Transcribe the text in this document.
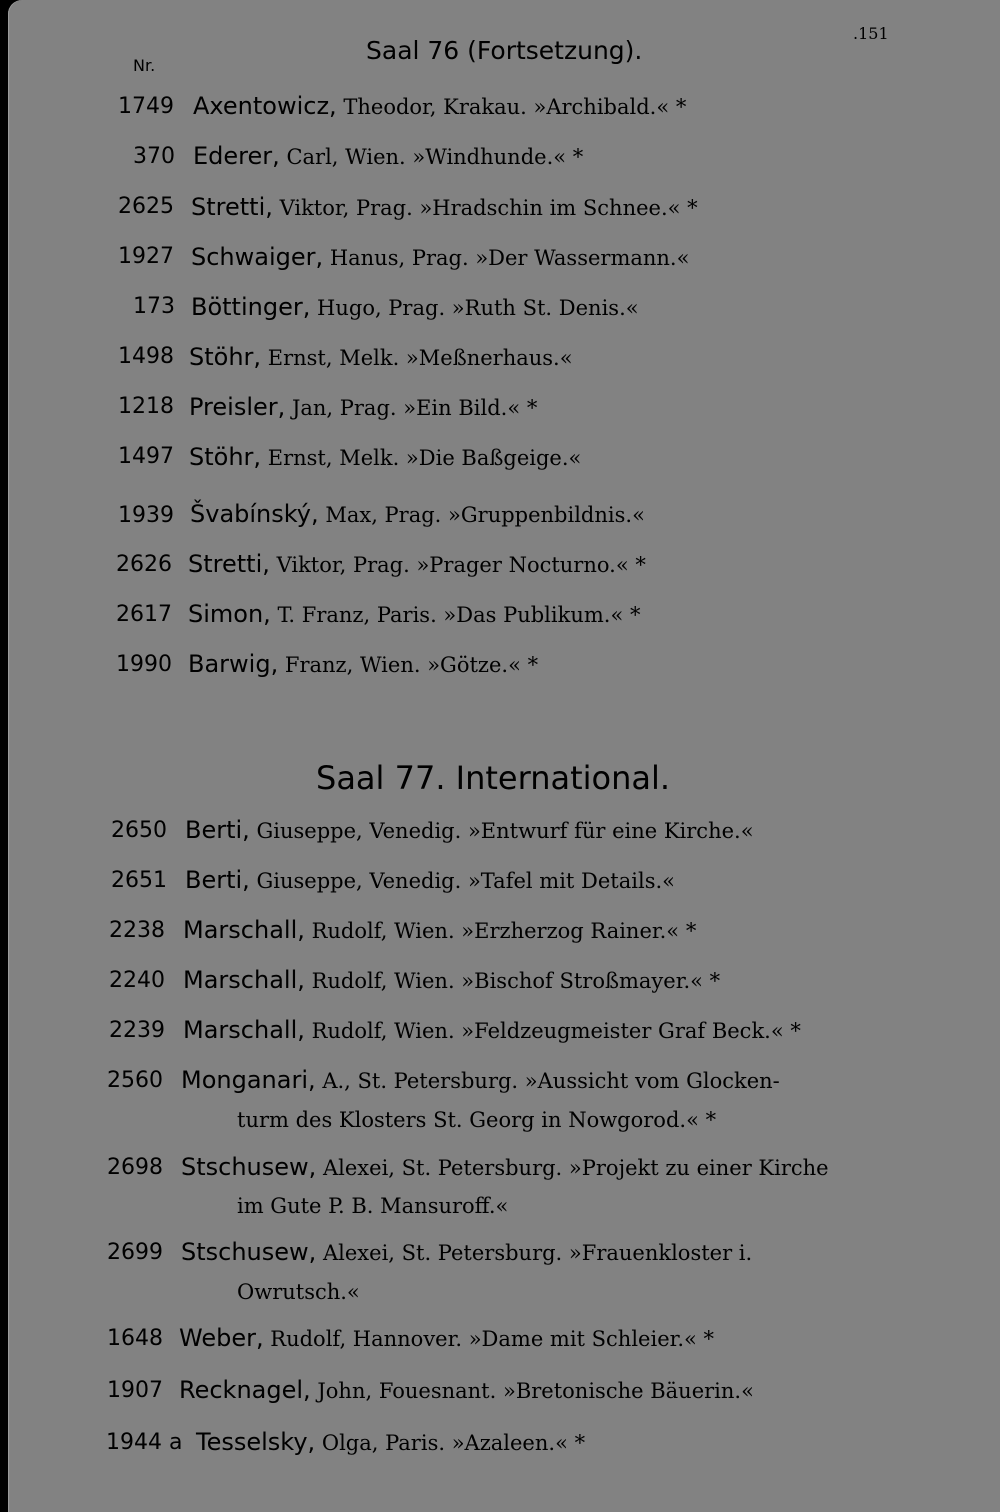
Nr.

Saal 76 (Fortsetzung).

.151

1749 Axentowicz, Theodor, Krakau. »Archibald.« *

370 Ederer, Carl, Wien. »Windhunde.« *

2625 Stretti, Viktor, Prag. »Hradschin im Schnee.« *

1927 Schwaiger, Hanus, Prag. »Der Wassermann.«

173 Böttinger, Hugo, Prag. »Ruth St. Denis.«

1498 Stöhr, Ernst, Melk. »Meßnerhaus.«

1218 Preisler, Jan, Prag. »Ein Bild.« *

1497 Stöhr, Ernst, Melk. »Die Baßgeige.«

1939 Švabínský, Max, Prag. »Gruppenbildnis.«

2626 Stretti, Viktor, Prag. »Prager Nocturno.« *

2617 Simon, T. Franz, Paris. »Das Publikum.« *

1990 Barwig, Franz, Wien. »Götze.« *

Saal 77. International.

2650 Berti, Giuseppe, Venedig. »Entwurf für eine Kirche.«

2651 Berti, Giuseppe, Venedig. »Tafel mit Details.«

2238 Marschall, Rudolf, Wien. »Erzherzog Rainer.« *

2240 Marschall, Rudolf, Wien. »Bischof Stroßmayer.« *

2239 Marschall, Rudolf, Wien. »Feldzeugmeister Graf Beck.« *

2560 Monganari, A., St. Petersburg. »Aussicht vom Glocken-

turm des Klosters St. Georg in Nowgorod.« *

2698 Stschusew, Alexei, St. Petersburg. »Projekt zu einer Kirche

im Gute P. B. Mansuroff.«

2699 Stschusew, Alexei, St. Petersburg. »Frauenkloster i.

Owrutsch.«

1648 Weber, Rudolf, Hannover. »Dame mit Schleier.« *

1907 Recknagel, John, Fouesnant. »Bretonische Bäuerin.«

1944 a Tesselsky, Olga, Paris. »Azaleen.« *
